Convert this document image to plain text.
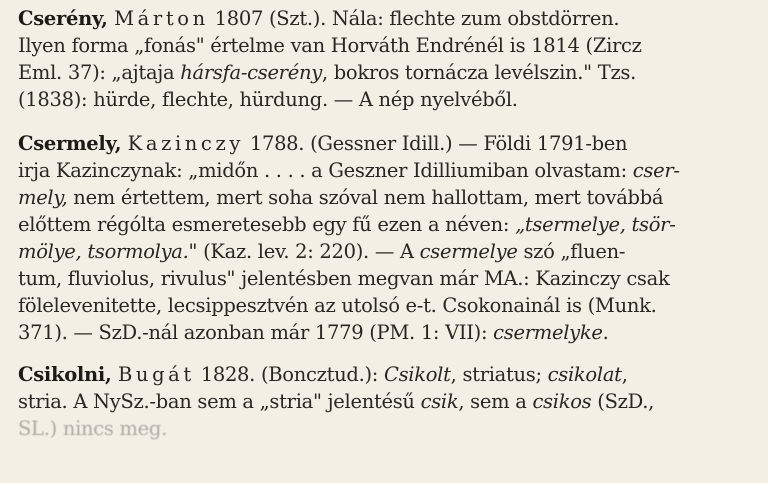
Cserény, Márton 1807 (Szt.). Nála: flechte zum obstdörren.
Ilyen forma „fonás" értelme van Horváth Endrénél is 1814 (Zircz
Eml. 37): „ajtaja hársfa-cserény, bokros tornácza levélszin." Tzs.
(1838): hürde, flechte, hürdung. — A nép nyelvéből.
Csermely, Kazinczy 1788. (Gessner Idill.) — Földi 1791-ben
irja Kazinczynak: „midőn . . . . a Geszner Idilliumiban olvastam: cser-
mely, nem értettem, mert soha szóval nem hallottam, mert továbbá
előttem régólta esmeretesebb egy fű ezen a néven: „tsermelye, tsör-
mölye, tsormolya." (Kaz. lev. 2: 220). — A csermelye szó „fluen-
tum, fluviolus, rivulus" jelentésben megvan már MA.: Kazinczy csak
fölelevenitette, lecsippesztvén az utolsó e-t. Csokonainál is (Munk.
371). — SzD.-nál azonban már 1779 (PM. 1: VII): csermelyke.
Csikolni, Bugát 1828. (Boncztud.): Csikolt, striatus; csikolat,
stria. A NySz.-ban sem a „stria" jelentésű csik, sem a csikos (SzD.,
SL.) nincs meg.
